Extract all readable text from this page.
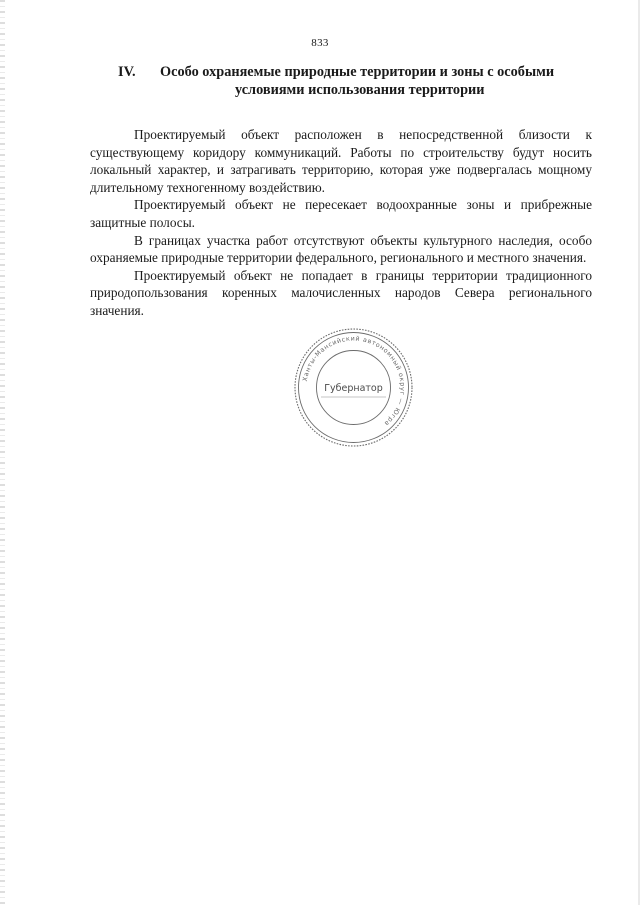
833
IV. Особо охраняемые природные территории и зоны с особыми
условиями использования территории

Проектируемый объект расположен в непосредственной близости к существующему коридору коммуникаций. Работы по строительству будут носить локальный характер, и затрагивать территорию, которая уже подвергалась мощному длительному техногенному воздействию.

Проектируемый объект не пересекает водоохранные зоны и прибрежные защитные полосы.

В границах участка работ отсутствуют объекты культурного наследия, особо охраняемые природные территории федерального, регионального и местного значения.

Проектируемый объект не попадает в границы территории традиционного природопользования коренных малочисленных народов Севера регионального значения.

Ханты-Мансийский автономный округ — Югра
Губернатор
